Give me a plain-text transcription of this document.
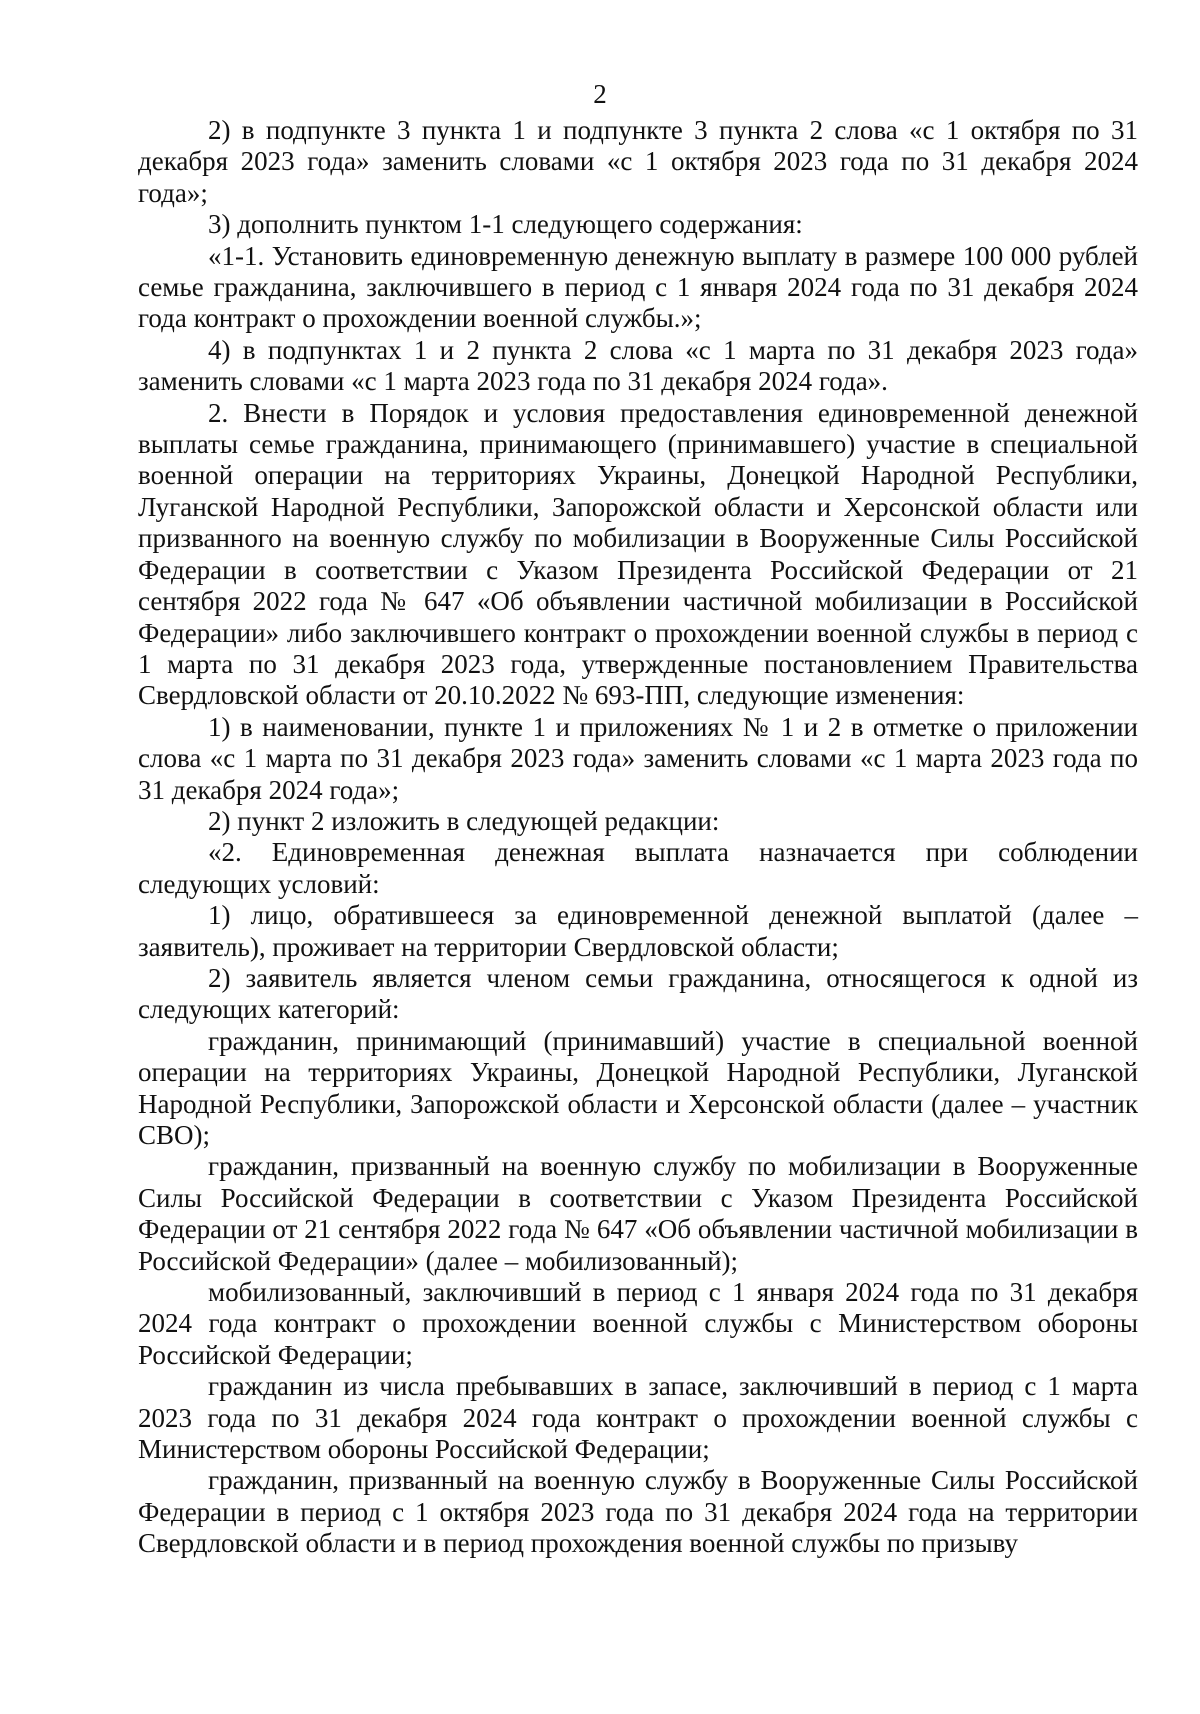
2

2) в подпункте 3 пункта 1 и подпункте 3 пункта 2 слова «с 1 октября по 31 декабря 2023 года» заменить словами «с 1 октября 2023 года по 31 декабря 2024 года»;

3) дополнить пунктом 1-1 следующего содержания:

«1-1. Установить единовременную денежную выплату в размере 100 000 рублей семье гражданина, заключившего в период с 1 января 2024 года по 31 декабря 2024 года контракт о прохождении военной службы.»;

4) в подпунктах 1 и 2 пункта 2 слова «с 1 марта по 31 декабря 2023 года» заменить словами «с 1 марта 2023 года по 31 декабря 2024 года».

2. Внести в Порядок и условия предоставления единовременной денежной выплаты семье гражданина, принимающего (принимавшего) участие в специальной военной операции на территориях Украины, Донецкой Народной Республики, Луганской Народной Республики, Запорожской области и Херсонской области или призванного на военную службу по мобилизации в Вооруженные Силы Российской Федерации в соответствии с Указом Президента Российской Федерации от 21 сентября 2022 года № 647 «Об объявлении частичной мобилизации в Российской Федерации» либо заключившего контракт о прохождении военной службы в период с 1 марта по 31 декабря 2023 года, утвержденные постановлением Правительства Свердловской области от 20.10.2022 № 693-ПП, следующие изменения:

1) в наименовании, пункте 1 и приложениях № 1 и 2 в отметке о приложении слова «с 1 марта по 31 декабря 2023 года» заменить словами «с 1 марта 2023 года по 31 декабря 2024 года»;

2) пункт 2 изложить в следующей редакции:

«2. Единовременная денежная выплата назначается при соблюдении следующих условий:

1) лицо, обратившееся за единовременной денежной выплатой (далее – заявитель), проживает на территории Свердловской области;

2) заявитель является членом семьи гражданина, относящегося к одной из следующих категорий:

гражданин, принимающий (принимавший) участие в специальной военной операции на территориях Украины, Донецкой Народной Республики, Луганской Народной Республики, Запорожской области и Херсонской области (далее – участник СВО);

гражданин, призванный на военную службу по мобилизации в Вооруженные Силы Российской Федерации в соответствии с Указом Президента Российской Федерации от 21 сентября 2022 года № 647 «Об объявлении частичной мобилизации в Российской Федерации» (далее – мобилизованный);

мобилизованный, заключивший в период с 1 января 2024 года по 31 декабря 2024 года контракт о прохождении военной службы с Министерством обороны Российской Федерации;

гражданин из числа пребывавших в запасе, заключивший в период с 1 марта 2023 года по 31 декабря 2024 года контракт о прохождении военной службы с Министерством обороны Российской Федерации;

гражданин, призванный на военную службу в Вооруженные Силы Российской Федерации в период с 1 октября 2023 года по 31 декабря 2024 года на территории Свердловской области и в период прохождения военной службы по призыву
